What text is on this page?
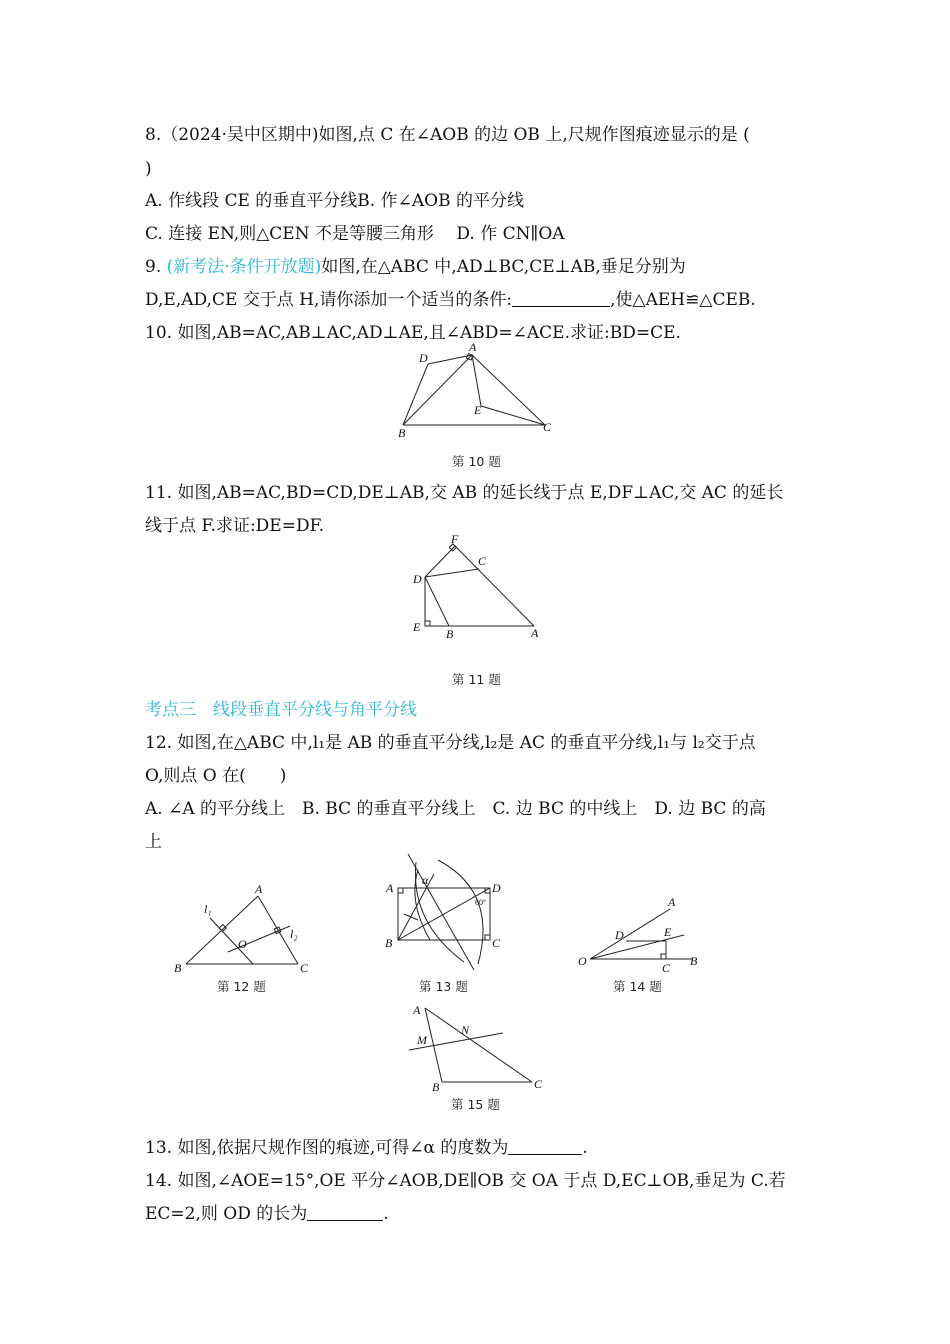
8.（2024·吴中区期中)如图,点 C 在∠AOB 的边 OB 上,尺规作图痕迹显示的是 (
)
A. 作线段 CE 的垂直平分线B. 作∠AOB 的平分线
C. 连接 EN,则△CEN 不是等腰三角形　 D. 作 CN∥OA
9. (新考法·条件开放题)如图,在△ABC 中,AD⊥BC,CE⊥AB,垂足分别为
D,E,AD,CE 交于点 H,请你添加一个适当的条件:	,使△AEH≌△CEB.
10. 如图,AB=AC,AB⊥AC,AD⊥AE,且∠ABD=∠ACE.求证:BD=CE.
A
D
E
B	C
第 10 题
11. 如图,AB=AC,BD=CD,DE⊥AB,交 AB 的延长线于点 E,DF⊥AC,交 AC 的延长
线于点 F.求证:DE=DF.
F
C
D
E B	A
第 11 题
考点三　线段垂直平分线与角平分线
12. 如图,在△ABC 中,l₁是 AB 的垂直平分线,l₂是 AC 的垂直平分线,l₁与 l₂交于点
O,则点 O 在(　　)
A. ∠A 的平分线上　B. BC 的垂直平分线上　C. 边 BC 的中线上　D. 边 BC 的高
上
A
l₁
l₂
O
B	C
第 12 题
A
B	C
D
α
60°
第 13 题
A
D	E
O	C B
第 14 题
A
M
N
B	C
第 15 题
13. 如图,依据尺规作图的痕迹,可得∠α 的度数为	.
14. 如图,∠AOE=15°,OE 平分∠AOB,DE∥OB 交 OA 于点 D,EC⊥OB,垂足为 C.若
EC=2,则 OD 的长为	.
